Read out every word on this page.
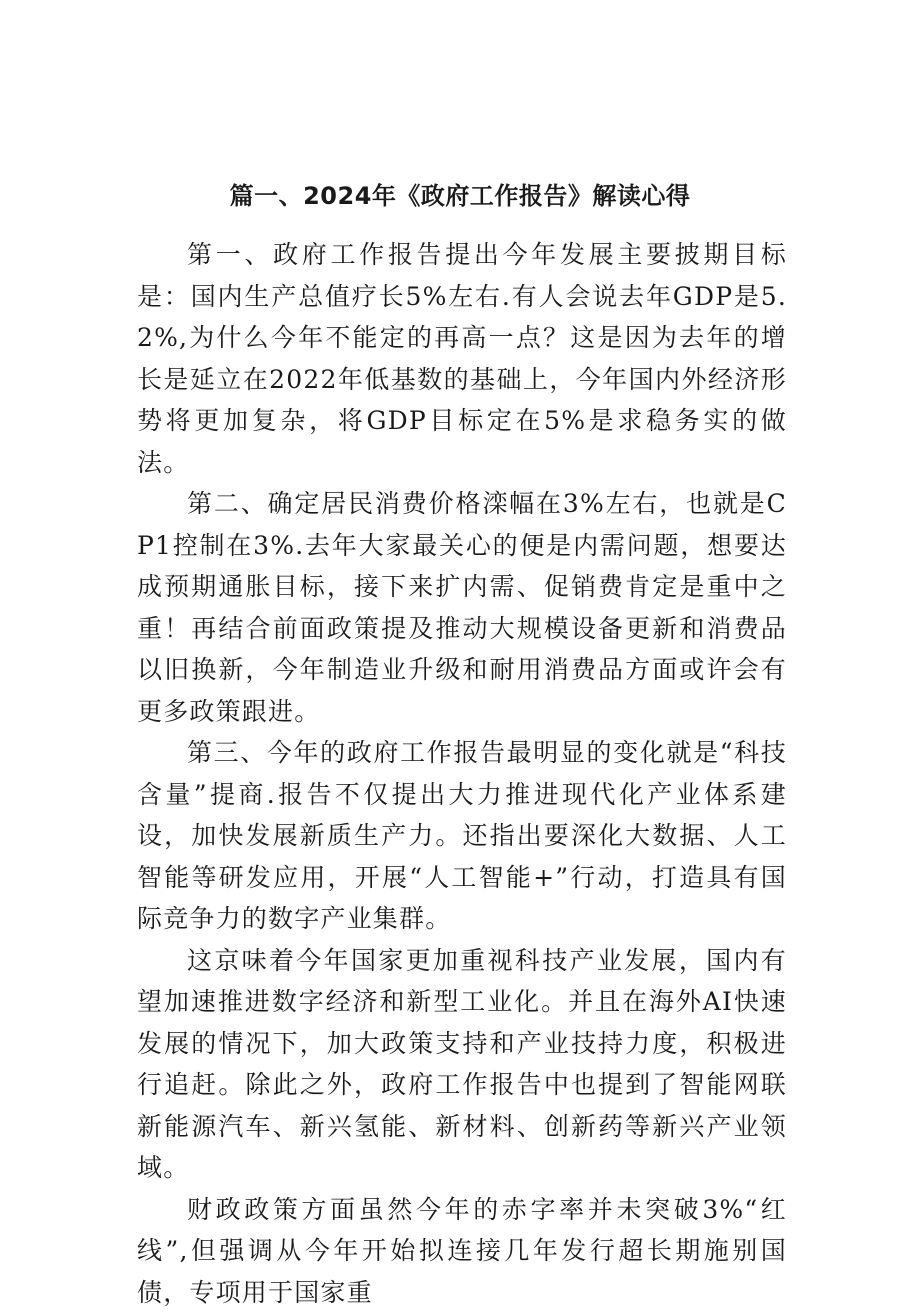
篇一、2024年《政府工作报告》解读心得

第一、政府工作报告提出今年发展主要披期目标是：国内生产总值疗长5%左右.有人会说去年GDP是5.2%,为什么今年不能定的再高一点？这是因为去年的增长是延立在2022年低基数的基础上，今年国内外经济形势将更加复杂，将GDP目标定在5%是求稳务实的做法。

第二、确定居民消费价格滦幅在3%左右，也就是CP1控制在3%.去年大家最关心的便是内需问题，想要达成预期通胀目标，接下来扩内需、促销费肯定是重中之重！再结合前面政策提及推动大规模设备更新和消费品以旧换新，今年制造业升级和耐用消费品方面或许会有更多政策跟进。

第三、今年的政府工作报告最明显的变化就是“科技含量”提商.报告不仅提出大力推进现代化产业体系建设，加快发展新质生产力。还指出要深化大数据、人工智能等研发应用，开展“人工智能+”行动，打造具有国际竞争力的数字产业集群。

这京味着今年国家更加重视科技产业发展，国内有望加速推进数字经济和新型工业化。并且在海外AI快速发展的情况下，加大政策支持和产业技持力度，积极进行追赶。除此之外，政府工作报告中也提到了智能网联新能源汽车、新兴氢能、新材料、创新药等新兴产业领域。

财政政策方面虽然今年的赤字率并未突破3%“红线”,但强调从今年开始拟连接几年发行超长期施别国债，专项用于国家重
